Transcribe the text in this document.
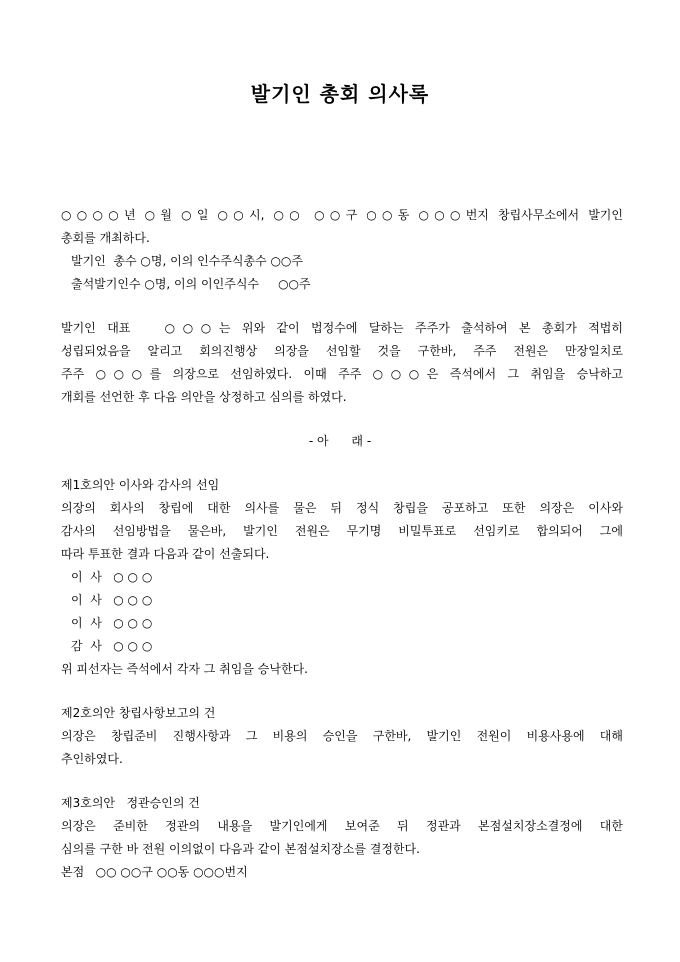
발기인 총회 의사록
○○○○년 ○월 ○일 ○○시, ○○ ○○구 ○○동 ○○○번지 창립사무소에서 발기인
총회를 개최하다.
발기인  총수 ○명, 이의 인수주식총수 ○○주
출석발기인수 ○명, 이의 이인주식수     ○○주
발기인 대표   ○○○는 위와 같이 법정수에 달하는 주주가 출석하여 본 총회가 적법히
성립되었음을 알리고 회의진행상 의장을 선임할 것을 구한바, 주주 전원은 만장일치로
주주 ○○○를 의장으로 선임하였다. 이때 주주 ○○○은 즉석에서 그 취임을 승낙하고
개회를 선언한 후 다음 의안을 상정하고 심의를 하였다.
- 아      래 -
제1호의안 이사와 감사의 선임
의장의 회사의 창립에 대한 의사를 물은 뒤 정식 창립을 공포하고 또한 의장은 이사와
감사의 선임방법을 물은바, 발기인 전원은 무기명 비밀투표로 선임키로 합의되어 그에
따라 투표한 결과 다음과 같이 선출되다.
이  사   ○ ○ ○
이  사   ○ ○ ○
이  사   ○ ○ ○
감  사   ○ ○ ○
위 피선자는 즉석에서 각자 그 취임을 승낙한다.
제2호의안 창립사항보고의 건
의장은 창립준비 진행사항과 그 비용의 승인을 구한바, 발기인 전원이 비용사용에 대해
추인하였다.
제3호의안   정관승인의 건
의장은 준비한 정관의 내용을 발기인에게 보여준 뒤 정관과 본점설치장소결정에 대한
심의를 구한 바 전원 이의없이 다음과 같이 본점설치장소를 결정한다.
본점   ○○ ○○구 ○○동 ○○○번지
